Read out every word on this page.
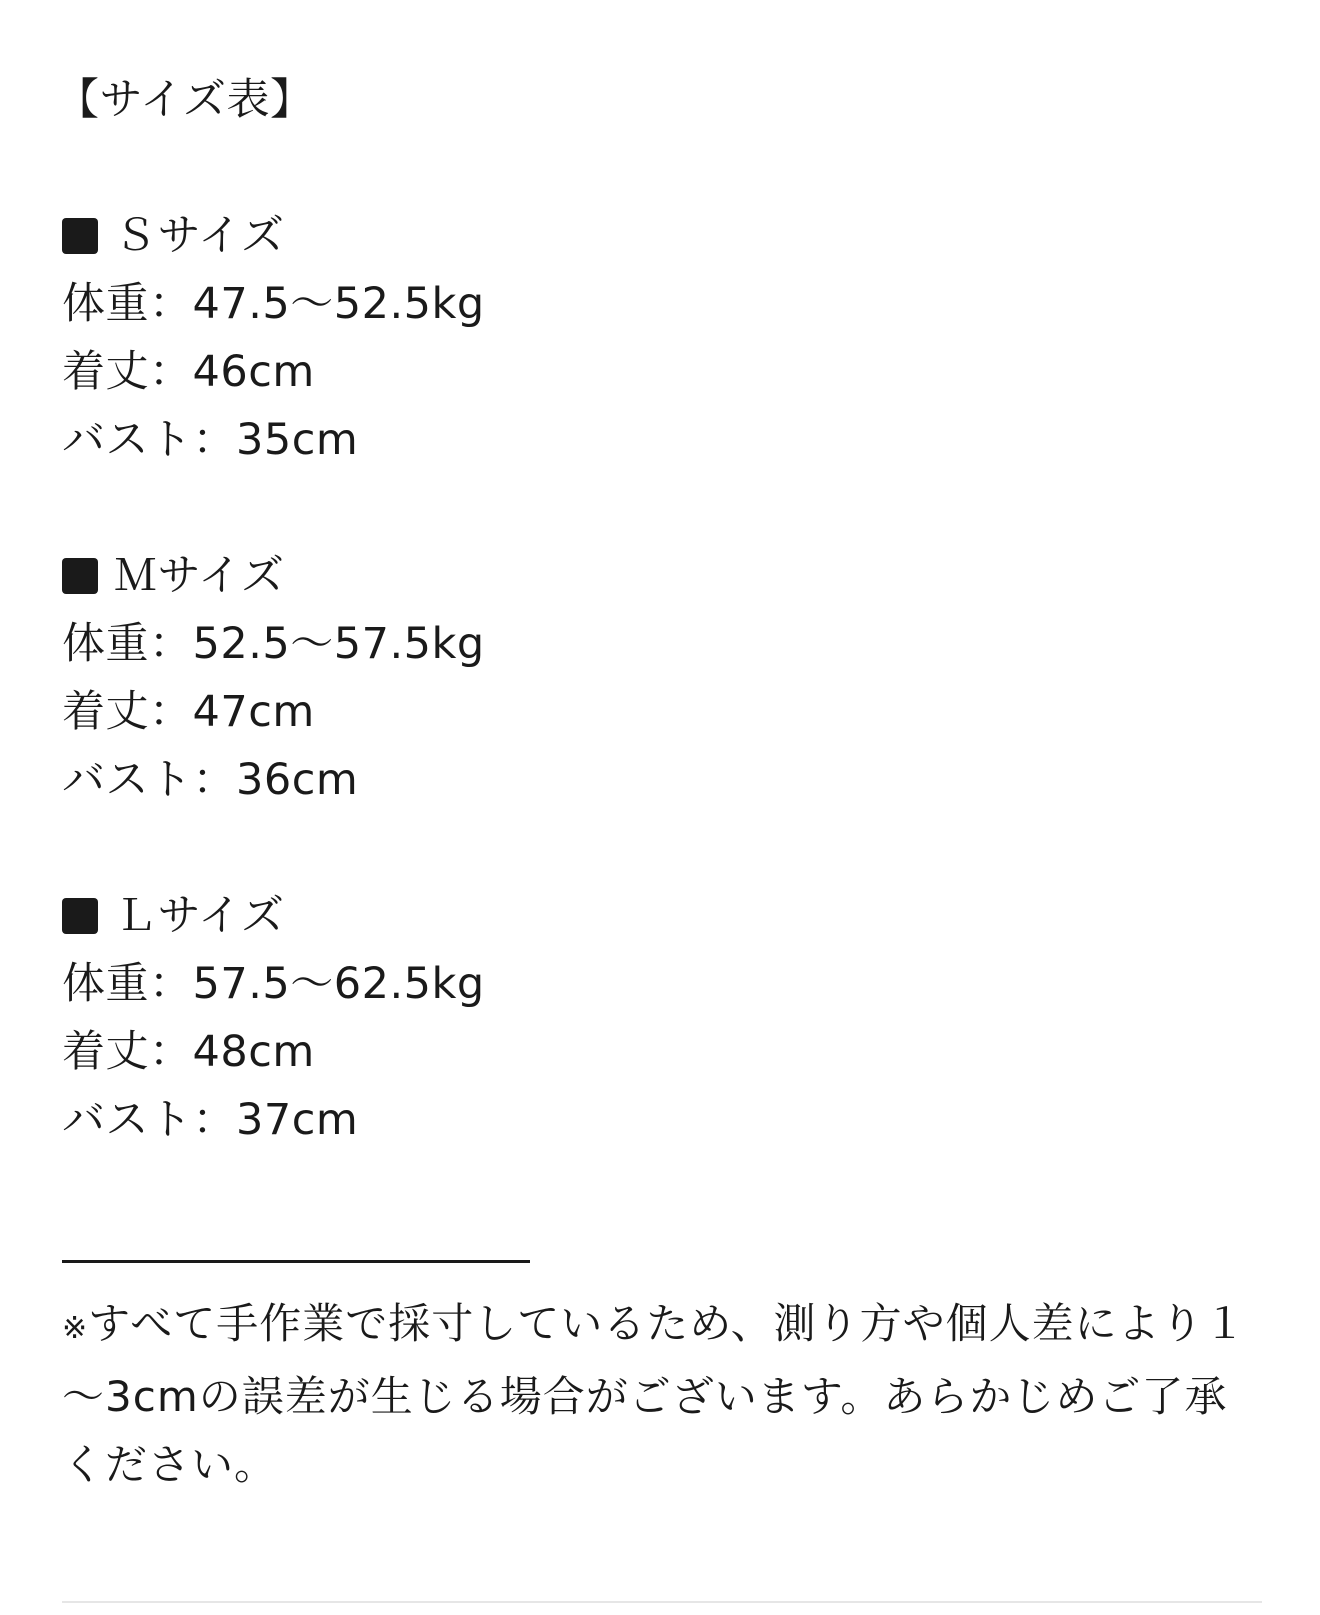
【サイズ表】
Ｓサイズ
体重：47.5～52.5kg
着丈：46cm
バスト：35cm
Ｍサイズ
体重：52.5～57.5kg
着丈：47cm
バスト：36cm
Ｌサイズ
体重：57.5～62.5kg
着丈：48cm
バスト：37cm
※すべて手作業で採寸しているため、測り方や個人差により１～3cmの誤差が生じる場合がございます。あらかじめご了承ください。
